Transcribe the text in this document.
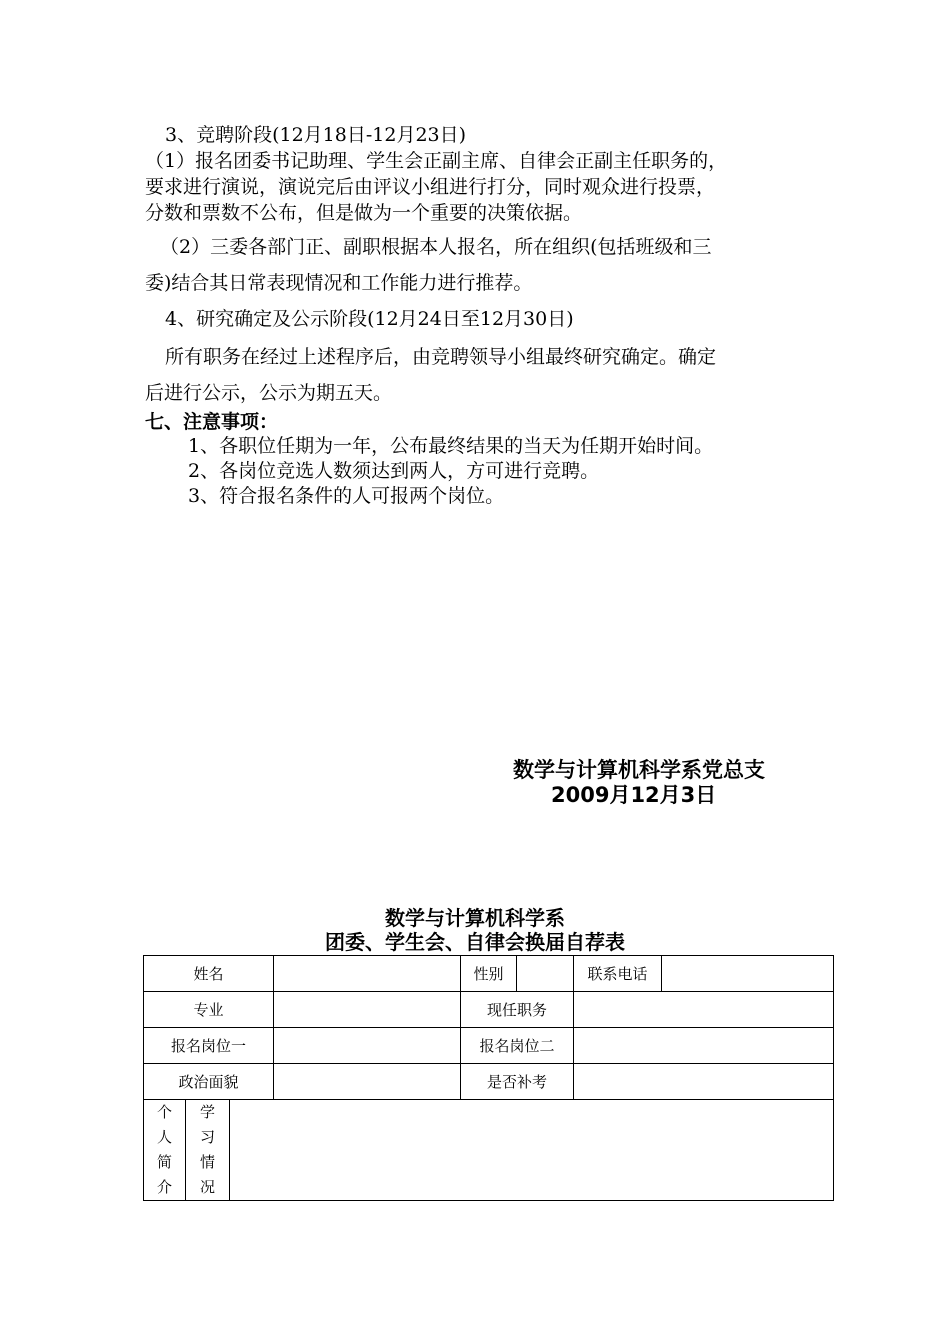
3、竞聘阶段(12月18日-12月23日)
（1）报名团委书记助理、学生会正副主席、自律会正副主任职务的，
要求进行演说，演说完后由评议小组进行打分，同时观众进行投票，
分数和票数不公布，但是做为一个重要的决策依据。
（2）三委各部门正、副职根据本人报名，所在组织(包括班级和三
委)结合其日常表现情况和工作能力进行推荐。
4、研究确定及公示阶段(12月24日至12月30日)
所有职务在经过上述程序后，由竞聘领导小组最终研究确定。确定
后进行公示，公示为期五天。
七、注意事项：
1、各职位任期为一年，公布最终结果的当天为任期开始时间。
2、各岗位竞选人数须达到两人，方可进行竞聘。
3、符合报名条件的人可报两个岗位。
数学与计算机科学系党总支
2009月12月3日
数学与计算机科学系
团委、学生会、自律会换届自荐表
姓名				性别		联系电话	
专业				现任职务			
报名岗位一				报名岗位二			
政治面貌				是否补考			

个人简介	学习情况						
